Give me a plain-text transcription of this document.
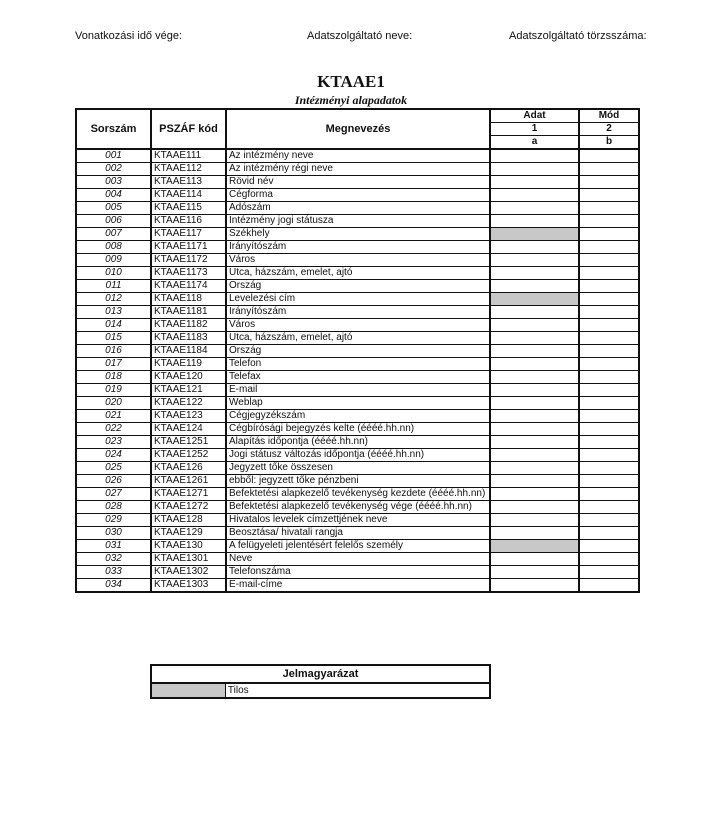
Vonatkozási idő vége:	Adatszolgáltató neve:	Adatszolgáltató törzsszáma:
KTAAE1
Intézményi alapadatok
Sorszám	PSZÁF kód	Megnevezés	Adat	Mód
			1	2
			a	b
001	KTAAE111	Az intézmény neve		
002	KTAAE112	Az intézmény régi neve		
003	KTAAE113	Rövid név		
004	KTAAE114	Cégforma		
005	KTAAE115	Adószám		
006	KTAAE116	Intézmény jogi státusza		
007	KTAAE117	Székhely		
008	KTAAE1171	Irányítószám		
009	KTAAE1172	Város		
010	KTAAE1173	Utca, házszám, emelet, ajtó		
011	KTAAE1174	Ország		
012	KTAAE118	Levelezési cím		
013	KTAAE1181	Irányítószám		
014	KTAAE1182	Város		
015	KTAAE1183	Utca, házszám, emelet, ajtó		
016	KTAAE1184	Ország		
017	KTAAE119	Telefon		
018	KTAAE120	Telefax		
019	KTAAE121	E-mail		
020	KTAAE122	Weblap		
021	KTAAE123	Cégjegyzékszám		
022	KTAAE124	Cégbírósági bejegyzés kelte (éééé.hh.nn)		
023	KTAAE1251	Alapítás időpontja (éééé.hh.nn)		
024	KTAAE1252	Jogi státusz változás időpontja (éééé.hh.nn)		
025	KTAAE126	Jegyzett tőke összesen		
026	KTAAE1261	ebből: jegyzett tőke pénzbeni		
027	KTAAE1271	Befektetési alapkezelő tevékenység kezdete (éééé.hh.nn)		
028	KTAAE1272	Befektetési alapkezelő tevékenység vége (éééé.hh.nn)		
029	KTAAE128	Hivatalos levelek címzettjének neve		
030	KTAAE129	Beosztása/ hivatali rangja		
031	KTAAE130	A felügyeleti jelentésért felelős személy		
032	KTAAE1301	Neve		
033	KTAAE1302	Telefonszáma		
034	KTAAE1303	E-mail-címe		
Jelmagyarázat
	Tilos
